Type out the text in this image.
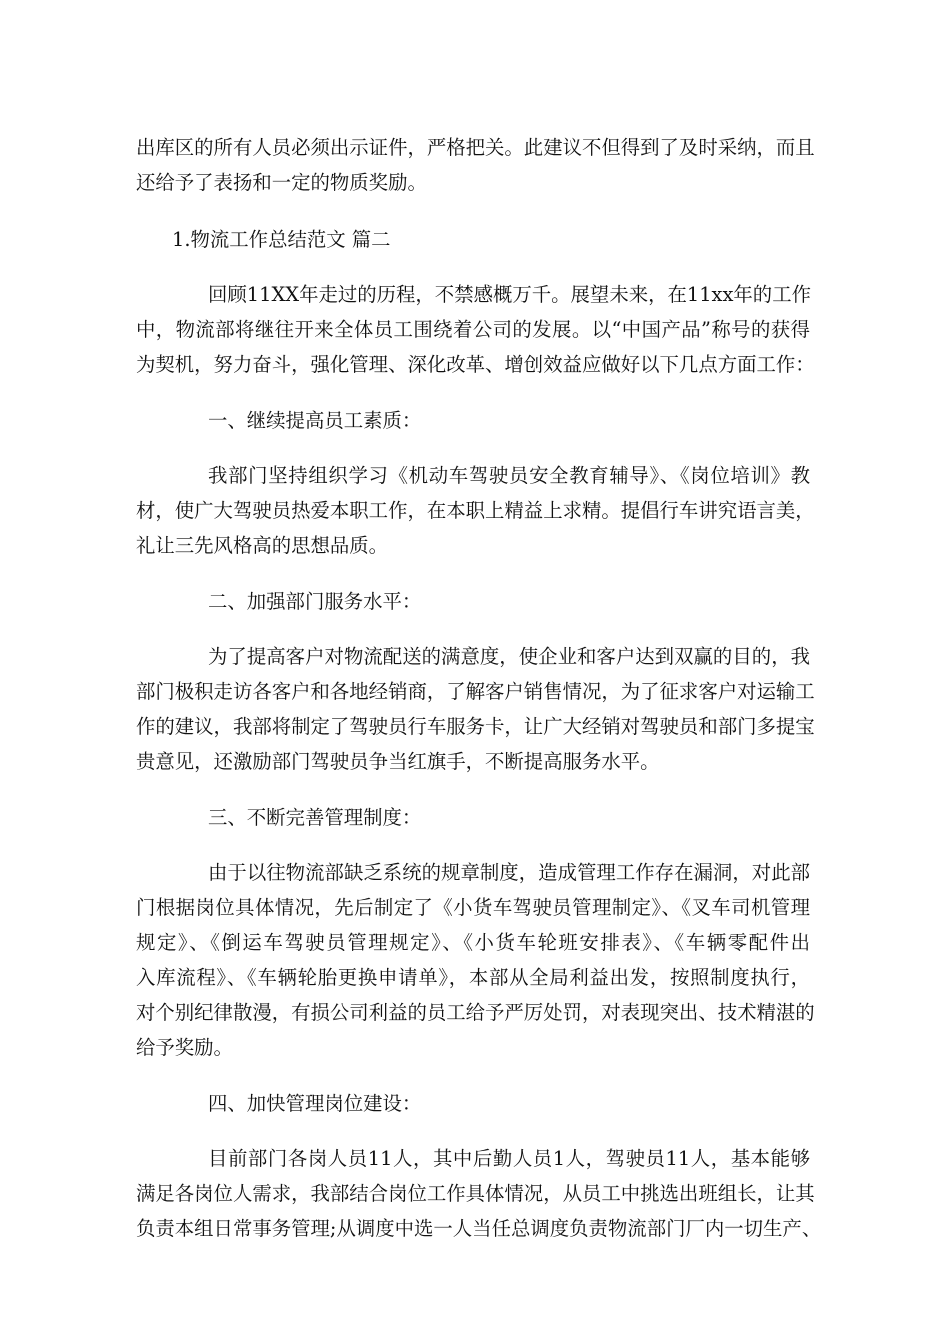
出库区的所有人员必须出示证件，严格把关。此建议不但得到了及时采纳，而且
还给予了表扬和一定的物质奖励。
1.物流工作总结范文 篇二
回顾11XX年走过的历程，不禁感概万千。展望未来，在11xx年的工作
中，物流部将继往开来全体员工围绕着公司的发展。以“中国产品”称号的获得
为契机，努力奋斗，强化管理、深化改革、增创效益应做好以下几点方面工作：
一、继续提高员工素质：
我部门坚持组织学习《机动车驾驶员安全教育辅导》、《岗位培训》教
材，使广大驾驶员热爱本职工作，在本职上精益上求精。提倡行车讲究语言美，
礼让三先风格高的思想品质。
二、加强部门服务水平：
为了提高客户对物流配送的满意度，使企业和客户达到双赢的目的，我
部门极积走访各客户和各地经销商，了解客户销售情况，为了征求客户对运输工
作的建议，我部将制定了驾驶员行车服务卡，让广大经销对驾驶员和部门多提宝
贵意见，还激励部门驾驶员争当红旗手，不断提高服务水平。
三、不断完善管理制度：
由于以往物流部缺乏系统的规章制度，造成管理工作存在漏洞，对此部
门根据岗位具体情况，先后制定了《小货车驾驶员管理制定》、《叉车司机管理
规定》、《倒运车驾驶员管理规定》、《小货车轮班安排表》、《车辆零配件出
入库流程》、《车辆轮胎更换申请单》，本部从全局利益出发，按照制度执行，
对个别纪律散漫，有损公司利益的员工给予严厉处罚，对表现突出、技术精湛的
给予奖励。
四、加快管理岗位建设：
目前部门各岗人员11人，其中后勤人员1人，驾驶员11人，基本能够
满足各岗位人需求，我部结合岗位工作具体情况，从员工中挑选出班组长，让其
负责本组日常事务管理;从调度中选一人当任总调度负责物流部门厂内一切生产、
